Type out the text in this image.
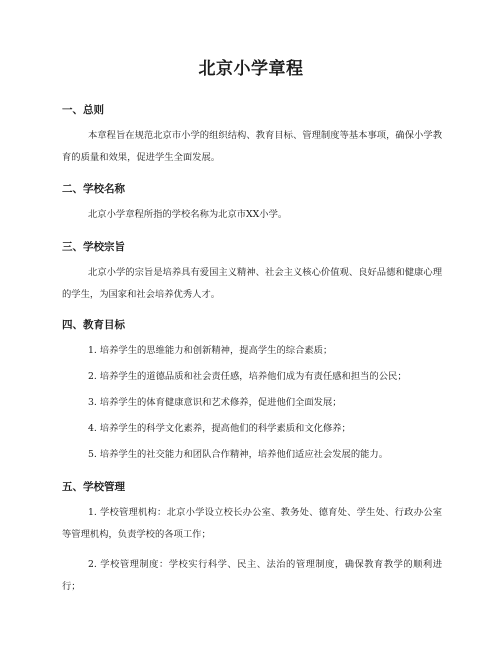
北京小学章程
一、总则
本章程旨在规范北京市小学的组织结构、教育目标、管理制度等基本事项，确保小学教育的质量和效果，促进学生全面发展。
二、学校名称
北京小学章程所指的学校名称为北京市XX小学。
三、学校宗旨
北京小学的宗旨是培养具有爱国主义精神、社会主义核心价值观、良好品德和健康心理的学生，为国家和社会培养优秀人才。
四、教育目标
1. 培养学生的思维能力和创新精神，提高学生的综合素质；
2. 培养学生的道德品质和社会责任感，培养他们成为有责任感和担当的公民；
3. 培养学生的体育健康意识和艺术修养，促进他们全面发展；
4. 培养学生的科学文化素养，提高他们的科学素质和文化修养；
5. 培养学生的社交能力和团队合作精神，培养他们适应社会发展的能力。
五、学校管理
1. 学校管理机构：北京小学设立校长办公室、教务处、德育处、学生处、行政办公室等管理机构，负责学校的各项工作；
2. 学校管理制度：学校实行科学、民主、法治的管理制度，确保教育教学的顺利进行；
